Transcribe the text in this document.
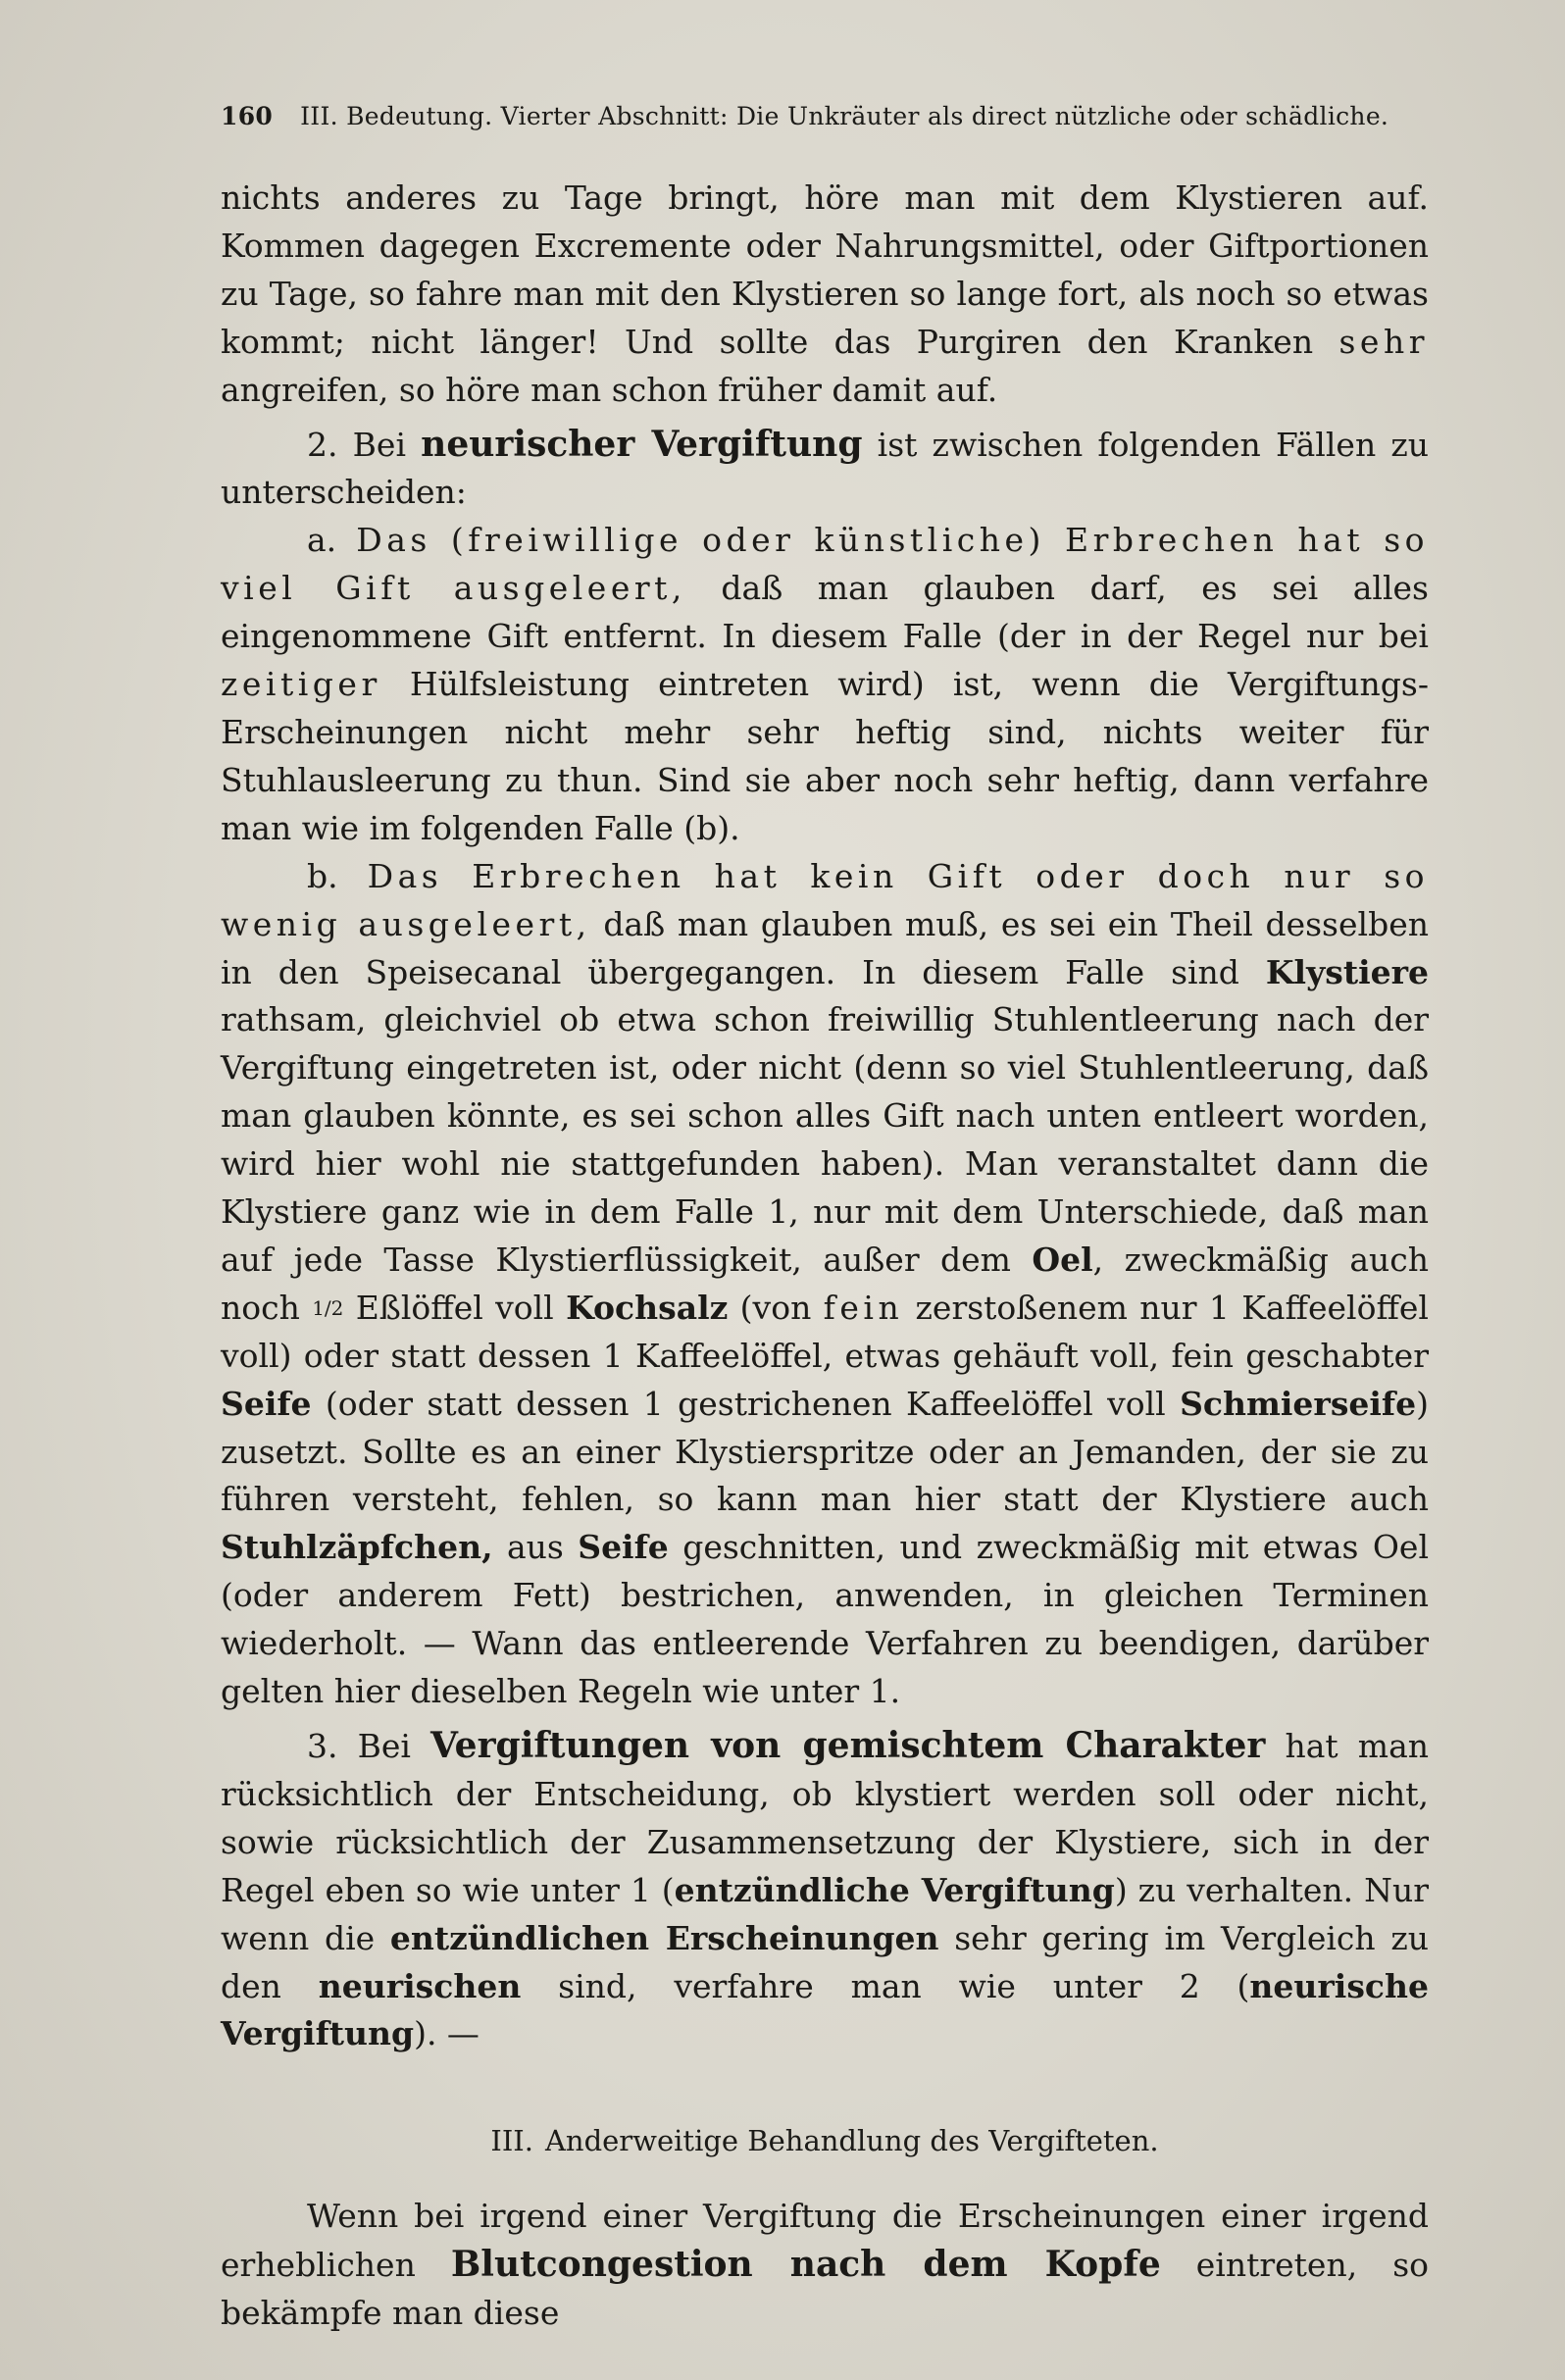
160 III. Bedeutung. Vierter Abschnitt: Die Unkräuter als direct nützliche oder schädliche.

nichts anderes zu Tage bringt, höre man mit dem Klystieren auf. Kommen dagegen Excremente oder Nahrungsmittel, oder Giftportionen zu Tage, so fahre man mit den Klystieren so lange fort, als noch so etwas kommt; nicht länger! Und sollte das Purgiren den Kranken sehr angreifen, so höre man schon früher damit auf.

2. Bei neurischer Vergiftung ist zwischen folgenden Fällen zu unterscheiden:

a. Das (freiwillige oder künstliche) Erbrechen hat so viel Gift ausgeleert, daß man glauben darf, es sei alles eingenommene Gift entfernt. In diesem Falle (der in der Regel nur bei zeitiger Hülfsleistung eintreten wird) ist, wenn die Vergiftungs-Erscheinungen nicht mehr sehr heftig sind, nichts weiter für Stuhlausleerung zu thun. Sind sie aber noch sehr heftig, dann verfahre man wie im folgenden Falle (b).

b. Das Erbrechen hat kein Gift oder doch nur so wenig ausgeleert, daß man glauben muß, es sei ein Theil desselben in den Speisecanal übergegangen. In diesem Falle sind Klystiere rathsam, gleichviel ob etwa schon freiwillig Stuhlentleerung nach der Vergiftung eingetreten ist, oder nicht (denn so viel Stuhlentleerung, daß man glauben könnte, es sei schon alles Gift nach unten entleert worden, wird hier wohl nie stattgefunden haben). Man veranstaltet dann die Klystiere ganz wie in dem Falle 1, nur mit dem Unterschiede, daß man auf jede Tasse Klystierflüssigkeit, außer dem Oel, zweckmäßig auch noch 1/2 Eßlöffel voll Kochsalz (von fein zerstoßenem nur 1 Kaffeelöffel voll) oder statt dessen 1 Kaffeelöffel, etwas gehäuft voll, fein geschabter Seife (oder statt dessen 1 gestrichenen Kaffeelöffel voll Schmierseife) zusetzt. Sollte es an einer Klystierspritze oder an Jemanden, der sie zu führen versteht, fehlen, so kann man hier statt der Klystiere auch Stuhlzäpfchen, aus Seife geschnitten, und zweckmäßig mit etwas Oel (oder anderem Fett) bestrichen, anwenden, in gleichen Terminen wiederholt. — Wann das entleerende Verfahren zu beendigen, darüber gelten hier dieselben Regeln wie unter 1.

3. Bei Vergiftungen von gemischtem Charakter hat man rücksichtlich der Entscheidung, ob klystiert werden soll oder nicht, sowie rücksichtlich der Zusammensetzung der Klystiere, sich in der Regel eben so wie unter 1 (entzündliche Vergiftung) zu verhalten. Nur wenn die entzündlichen Erscheinungen sehr gering im Vergleich zu den neurischen sind, verfahre man wie unter 2 (neurische Vergiftung). —

III. Anderweitige Behandlung des Vergifteten.

Wenn bei irgend einer Vergiftung die Erscheinungen einer irgend erheblichen Blutcongestion nach dem Kopfe eintreten, so bekämpfe man diese
